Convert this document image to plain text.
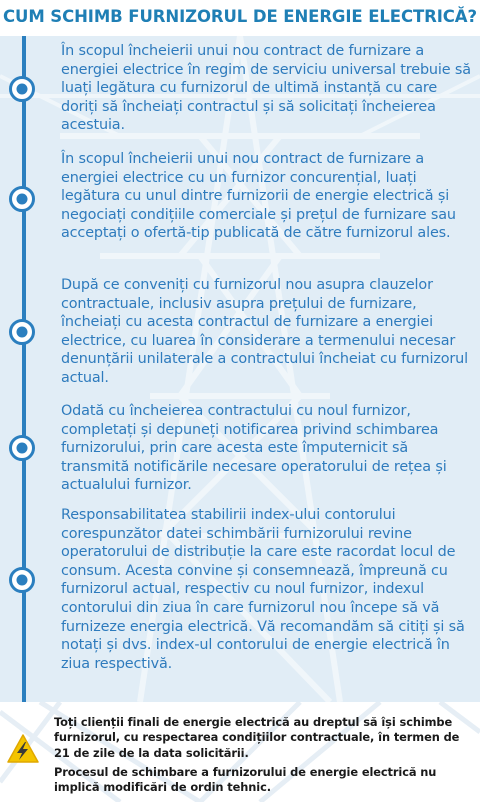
CUM SCHIMB FURNIZORUL DE ENERGIE ELECTRICĂ?
În scopul încheierii unui nou contract de furnizare a energiei electrice în regim de serviciu universal trebuie să luați legătura cu furnizorul de ultimă instanță cu care doriți să încheiați contractul și să solicitați încheierea acestuia.
În scopul încheierii unui nou contract de furnizare a energiei electrice cu un furnizor concurențial, luați legătura cu unul dintre furnizorii de energie electrică și negociați condițiile comerciale și prețul de furnizare sau acceptați o ofertă-tip publicată de către furnizorul ales.
După ce conveniți cu furnizorul nou asupra clauzelor contractuale, inclusiv asupra prețului de furnizare, încheiați cu acesta contractul de furnizare a energiei electrice, cu luarea în considerare a termenului necesar denunțării unilaterale a contractului încheiat cu furnizorul actual.
Odată cu încheierea contractului cu noul furnizor, completați și depuneți notificarea privind schimbarea furnizorului, prin care acesta este împuternicit să transmită notificările necesare operatorului de rețea și actualului furnizor.
Responsabilitatea stabilirii index-ului contorului corespunzător datei schimbării furnizorului revine operatorului de distribuție la care este racordat locul de consum. Acesta convine și consemnează, împreună cu furnizorul actual, respectiv cu noul furnizor, indexul contorului din ziua în care furnizorul nou începe să vă furnizeze energia electrică. Vă recomandăm să citiți și să notați și dvs. index-ul contorului de energie electrică în ziua respectivă.

Toți clienții finali de energie electrică au dreptul să își schimbe furnizorul, cu respectarea condițiilor contractuale, în termen de 21 de zile de la data solicitării.

Procesul de schimbare a furnizorului de energie electrică nu implică modificări de ordin tehnic.
